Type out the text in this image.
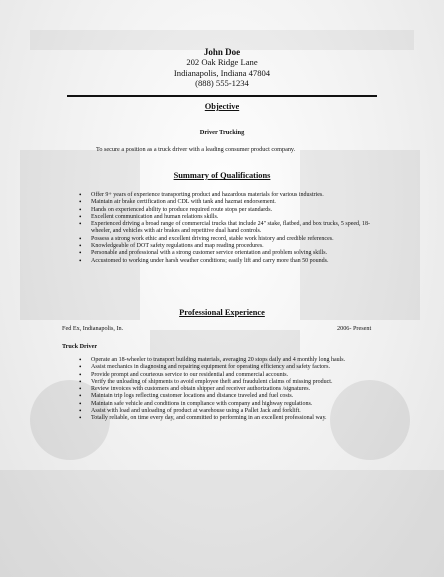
John Doe
202 Oak Ridge Lane
Indianapolis, Indiana 47804
(888) 555-1234
Objective
Driver Trucking
To secure a position as a truck driver with a leading consumer product company.
Summary of Qualifications
• Offer 9+ years of experience transporting product and hazardous materials for various industries.
• Maintain air brake certification and CDL with tank and hazmat endorsement.
• Hands on experienced ability to produce required route stops per standards.
• Excellent communication and human relations skills.
• Experienced driving a broad range of commercial trucks that include 24" stake, flatbed, and box trucks, 5 speed, 18-wheeler, and vehicles with air brakes and repetitive dual hand controls.
• Possess a strong work ethic and excellent driving record, stable work history and credible references.
• Knowledgeable of DOT safety regulations and map reading procedures.
• Personable and professional with a strong customer service orientation and problem solving skills.
• Accustomed to working under harsh weather conditions; easily lift and carry more than 50 pounds.
Professional Experience
Fed Ex, Indianapolis, In.	2006- Present
Truck Driver
• Operate an 18-wheeler to transport building materials, averaging 20 stops daily and 4 monthly long hauls.
• Assist mechanics in diagnosing and repairing equipment for operating efficiency and safety factors.
• Provide prompt and courteous service to our residential and commercial accounts.
• Verify the unloading of shipments to avoid employee theft and fraudulent claims of missing product.
• Review invoices with customers and obtain shipper and receiver authorizations /signatures.
• Maintain trip logs reflecting customer locations and distance traveled and fuel costs.
• Maintain safe vehicle and conditions in compliance with company and highway regulations.
• Assist with load and unloading of product at warehouse using a Pallet Jack and forklift.
• Totally reliable, on time every day, and committed to performing in an excellent professional way.
